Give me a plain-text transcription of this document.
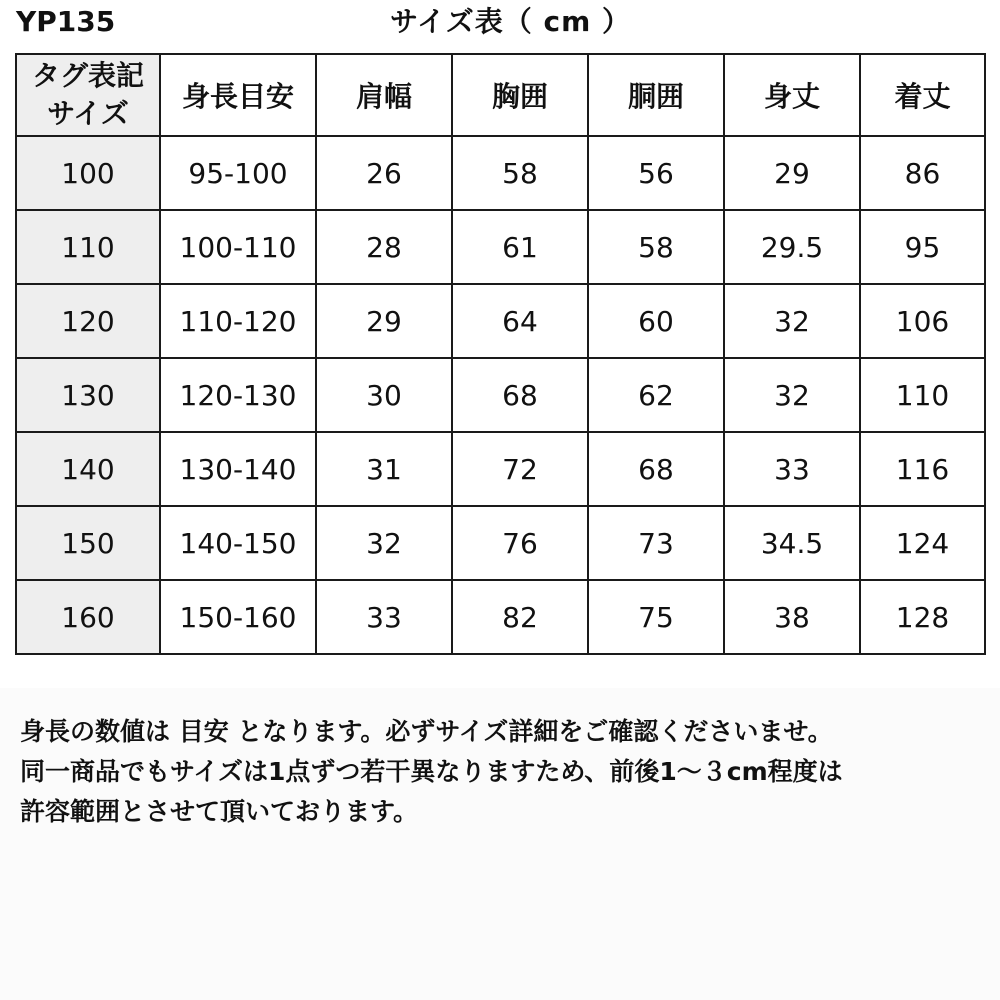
YP135	サイズ表（ cm ）
タグ表記
サイズ	身長目安	肩幅	胸囲	胴囲	身丈	着丈
100	95-100	26	58	56	29	86
110	100-110	28	61	58	29.5	95
120	110-120	29	64	60	32	106
130	120-130	30	68	62	32	110
140	130-140	31	72	68	33	116
150	140-150	32	76	73	34.5	124
160	150-160	33	82	75	38	128
身長の数値は 目安 となります。必ずサイズ詳細をご確認くださいませ。
同一商品でもサイズは1点ずつ若干異なりますため、前後1～３cm程度は
許容範囲とさせて頂いております。
